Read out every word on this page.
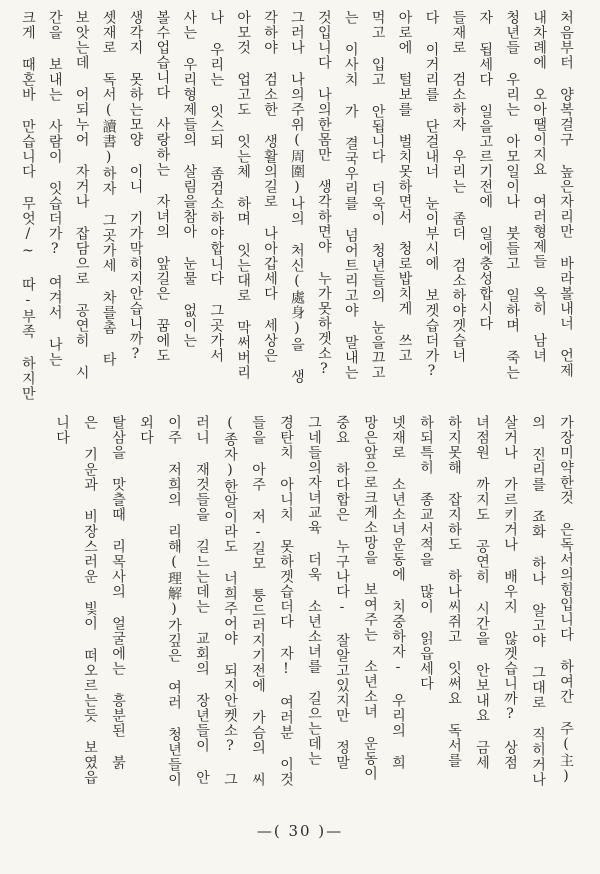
처음부터 양복걸구 높은자리만 바라볼내너 언제
내차례에 오아땔이지요 여러형제들 옥히 남녀
청년들 우리는 아모일이나 붓들고 일하며 죽는
자 됩세다 일을고르기전에 일에충성합시다
들재로 검소하자 우리는 좀더 검소하야겟습너
다 이거리를 단걸내너 눈이부시에 보겟습더가?
아로에 털보를 벌치못하면서 청로밥치게 쓰고
먹고 입고 안됩니다 더욱이 청년들의 눈을끄고
는 이사치 가 결국우리를 넘어트리고야 말내는
것입니다 나의한몸만 생각하면야 누가못하겟소?
그러나 나의주위(周圍)나의 처신(處身)을 생
각하야 검소한 생활의길로 나아갑세다 세상은
아모것 업고도 잇는체 하며 잇는대로 막써버리
나 우리는 잇스되 좀검소하야합니다 그곳가서
사는 우리형제들의 살림을참아 눈물 없이는
볼수업습니다 사랑하는 자녀의 앞길은 꿈에도
생각지 못하는모양 이니 기가막히지안습니까?
셋재로 독서(讀書)하자 그곳가세 차를촘 타
보앗는데 어되누어 자거나 잡담으로 공연히 시
간을 보내는 사람이 잇습더가? 여겨서 나는
크게 때혼바 만습니다 무엇/~ 따-부족 하지만
가장미약한것 은독서의힘입니다 하여간 주(主)
의 진리를 죠화 하나 알고야 그대로 직히거나
살거나 가르키거나 배우지 않겟습니까? 상점
녀점원 까지도 공연히 시간을 안보내요 금세
하지못해 잡지하도 하나씨쥐고 잇써요 독서를
하되특히 종교서적을 많이 읽읍세다
넷재로 소년소녀운동에 치중하자- 우리의 희
망은앞으로크게소망을 보여주는 소년소녀 운동이
중요 하다합은 누구나다- 잘알고있지만 정말
그네들의자녀교육 더욱 소년소녀를 길으는데는
경탄치 아니치 못하겟습더다 자! 여러분 이것
들을 아주 저-길모 퉁드러지기전에 가슴의 씨
(종자)한알이라도 너희주어야 되지안켓소? 그
러니 재것들을 길느는데는 교회의 장년들이 안
이주 저희의 리해(理解)가깊은 여러 청년들이
외다
탈삼을 맛츨때 리목사의 얼굴에는 흥분된 붉
은 기운과 비장스러운 빛이 떠오르는듯 보였읍
니다
—( 30 )—
